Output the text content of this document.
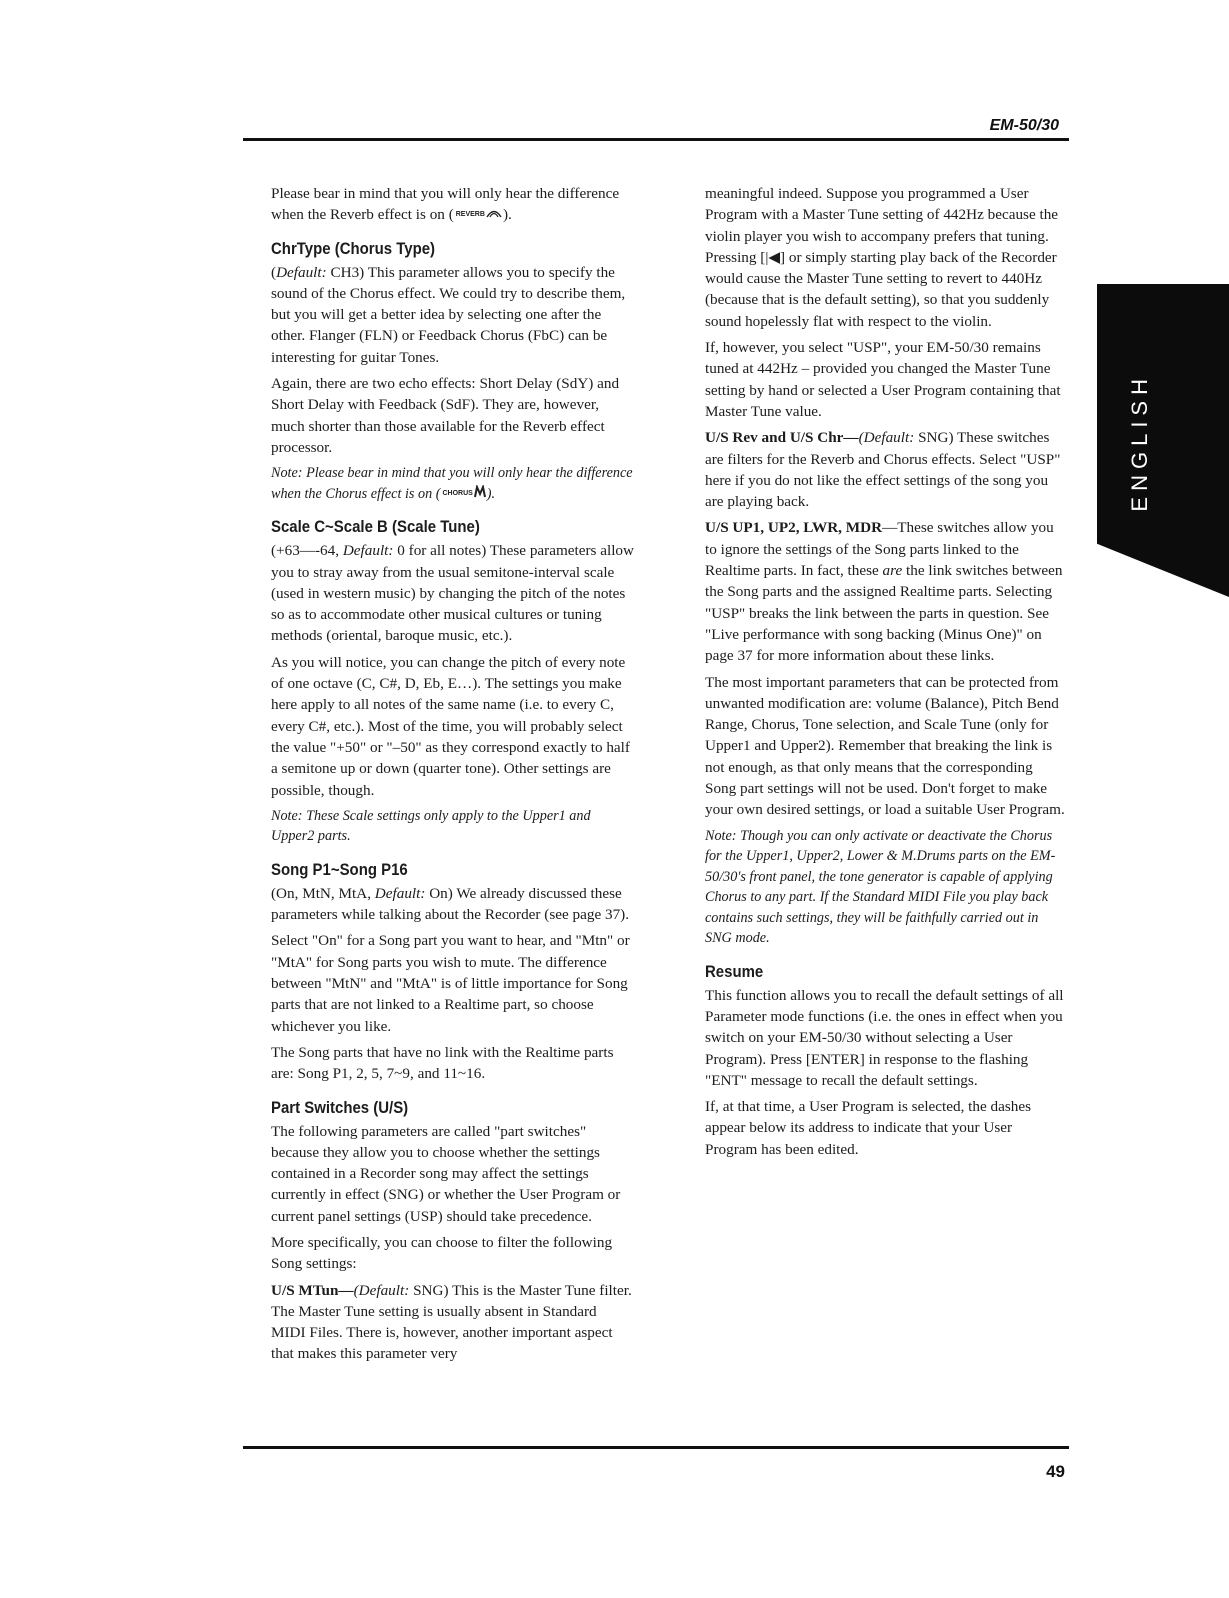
EM-50/30
ENGLISH

Please bear in mind that you will only hear the difference when the Reverb effect is on ( REVERB ).

ChrType (Chorus Type)

(Default: CH3) This parameter allows you to specify the sound of the Chorus effect. We could try to describe them, but you will get a better idea by selecting one after the other. Flanger (FLN) or Feedback Chorus (FbC) can be interesting for guitar Tones.

Again, there are two echo effects: Short Delay (SdY) and Short Delay with Feedback (SdF). They are, however, much shorter than those available for the Reverb effect processor.

Note: Please bear in mind that you will only hear the difference when the Chorus effect is on ( CHORUS ).

Scale C~Scale B (Scale Tune)

(+63—-64, Default: 0 for all notes) These parameters allow you to stray away from the usual semitone-interval scale (used in western music) by changing the pitch of the notes so as to accommodate other musical cultures or tuning methods (oriental, baroque music, etc.).

As you will notice, you can change the pitch of every note of one octave (C, C#, D, Eb, E…). The settings you make here apply to all notes of the same name (i.e. to every C, every C#, etc.). Most of the time, you will probably select the value "+50" or "–50" as they correspond exactly to half a semitone up or down (quarter tone). Other settings are possible, though.

Note: These Scale settings only apply to the Upper1 and Upper2 parts.

Song P1~Song P16

(On, MtN, MtA, Default: On) We already discussed these parameters while talking about the Recorder (see page 37).

Select "On" for a Song part you want to hear, and "Mtn" or "MtA" for Song parts you wish to mute. The difference between "MtN" and "MtA" is of little importance for Song parts that are not linked to a Realtime part, so choose whichever you like.

The Song parts that have no link with the Realtime parts are: Song P1, 2, 5, 7~9, and 11~16.

Part Switches (U/S)

The following parameters are called "part switches" because they allow you to choose whether the settings contained in a Recorder song may affect the settings currently in effect (SNG) or whether the User Program or current panel settings (USP) should take precedence.

More specifically, you can choose to filter the following Song settings:

U/S MTun—(Default: SNG) This is the Master Tune filter. The Master Tune setting is usually absent in Standard MIDI Files. There is, however, another important aspect that makes this parameter very

meaningful indeed. Suppose you programmed a User Program with a Master Tune setting of 442Hz because the violin player you wish to accompany prefers that tuning. Pressing [|◀] or simply starting play back of the Recorder would cause the Master Tune setting to revert to 440Hz (because that is the default setting), so that you suddenly sound hopelessly flat with respect to the violin.

If, however, you select "USP", your EM-50/30 remains tuned at 442Hz – provided you changed the Master Tune setting by hand or selected a User Program containing that Master Tune value.

U/S Rev and U/S Chr—(Default: SNG) These switches are filters for the Reverb and Chorus effects. Select "USP" here if you do not like the effect settings of the song you are playing back.

U/S UP1, UP2, LWR, MDR—These switches allow you to ignore the settings of the Song parts linked to the Realtime parts. In fact, these are the link switches between the Song parts and the assigned Realtime parts. Selecting "USP" breaks the link between the parts in question. See "Live performance with song backing (Minus One)" on page 37 for more information about these links.

The most important parameters that can be protected from unwanted modification are: volume (Balance), Pitch Bend Range, Chorus, Tone selection, and Scale Tune (only for Upper1 and Upper2). Remember that breaking the link is not enough, as that only means that the corresponding Song part settings will not be used. Don't forget to make your own desired settings, or load a suitable User Program.

Note: Though you can only activate or deactivate the Chorus for the Upper1, Upper2, Lower & M.Drums parts on the EM-50/30's front panel, the tone generator is capable of applying Chorus to any part. If the Standard MIDI File you play back contains such settings, they will be faithfully carried out in SNG mode.

Resume

This function allows you to recall the default settings of all Parameter mode functions (i.e. the ones in effect when you switch on your EM-50/30 without selecting a User Program). Press [ENTER] in response to the flashing "ENT" message to recall the default settings.

If, at that time, a User Program is selected, the dashes appear below its address to indicate that your User Program has been edited.

49
